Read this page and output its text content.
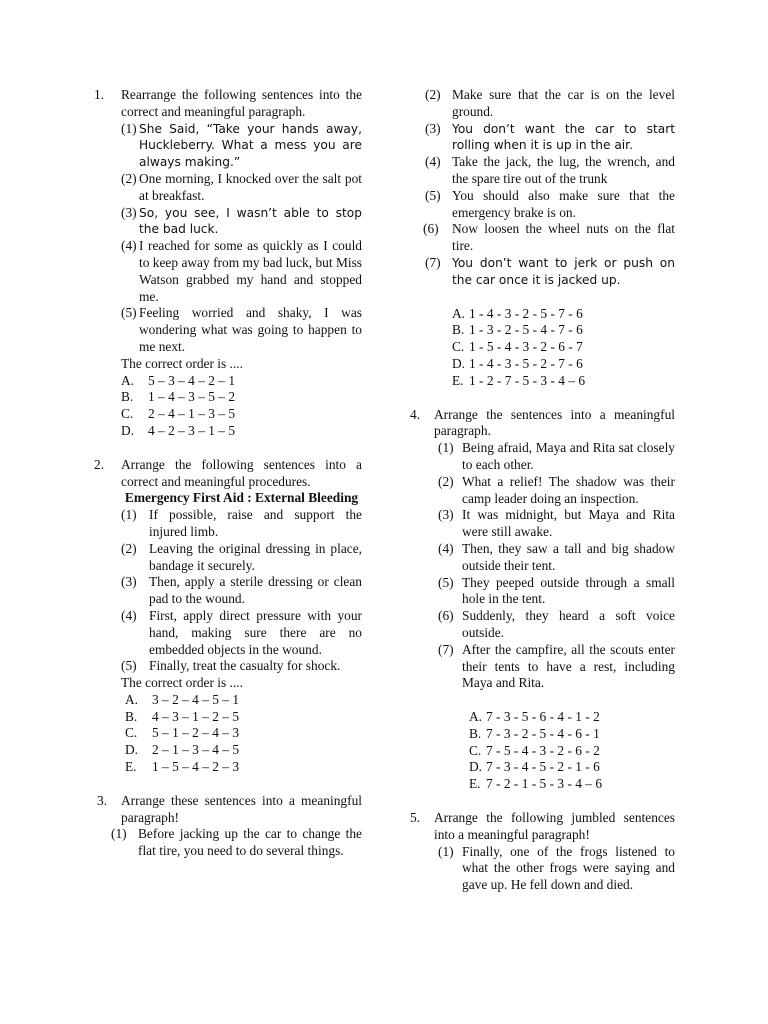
1. Rearrange the following sentences into the correct and meaningful paragraph.
(1) She Said, “Take your hands away, Huckleberry. What a mess you are always making.”
(2) One morning, I knocked over the salt pot at breakfast.
(3) So, you see, I wasn’t able to stop the bad luck.
(4) I reached for some as quickly as I could to keep away from my bad luck, but Miss Watson grabbed my hand and stopped me.
(5) Feeling worried and shaky, I was wondering what was going to happen to me next.
The correct order is ....
A. 5 – 3 – 4 – 2 – 1
B. 1 – 4 – 3 – 5 – 2
C. 2 – 4 – 1 – 3 – 5
D. 4 – 2 – 3 – 1 – 5
2. Arrange the following sentences into a correct and meaningful procedures.
Emergency First Aid : External Bleeding
(1) If possible, raise and support the injured limb.
(2) Leaving the original dressing in place, bandage it securely.
(3) Then, apply a sterile dressing or clean pad to the wound.
(4) First, apply direct pressure with your hand, making sure there are no embedded objects in the wound.
(5) Finally, treat the casualty for shock.
The correct order is ....
A. 3 – 2 – 4 – 5 – 1
B. 4 – 3 – 1 – 2 – 5
C. 5 – 1 – 2 – 4 – 3
D. 2 – 1 – 3 – 4 – 5
E. 1 – 5 – 4 – 2 – 3
3. Arrange these sentences into a meaningful paragraph!
(1) Before jacking up the car to change the flat tire, you need to do several things.
(2) Make sure that the car is on the level ground.
(3) You don’t want the car to start rolling when it is up in the air.
(4) Take the jack, the lug, the wrench, and the spare tire out of the trunk
(5) You should also make sure that the emergency brake is on.
(6) Now loosen the wheel nuts on the flat tire.
(7) You don’t want to jerk or push on the car once it is jacked up.
A. 1 - 4 - 3 - 2 - 5 - 7 - 6
B. 1 - 3 - 2 - 5 - 4 - 7 - 6
C. 1 - 5 - 4 - 3 - 2 - 6 - 7
D. 1 - 4 - 3 - 5 - 2 - 7 - 6
E. 1 - 2 - 7 - 5 - 3 - 4 – 6
4. Arrange the sentences into a meaningful paragraph.
(1) Being afraid, Maya and Rita sat closely to each other.
(2) What a relief! The shadow was their camp leader doing an inspection.
(3) It was midnight, but Maya and Rita were still awake.
(4) Then, they saw a tall and big shadow outside their tent.
(5) They peeped outside through a small hole in the tent.
(6) Suddenly, they heard a soft voice outside.
(7) After the campfire, all the scouts enter their tents to have a rest, including Maya and Rita.
A. 7 - 3 - 5 - 6 - 4 - 1 - 2
B. 7 - 3 - 2 - 5 - 4 - 6 - 1
C. 7 - 5 - 4 - 3 - 2 - 6 - 2
D. 7 - 3 - 4 - 5 - 2 - 1 - 6
E. 7 - 2 - 1 - 5 - 3 - 4 – 6
5. Arrange the following jumbled sentences into a meaningful paragraph!
(1) Finally, one of the frogs listened to what the other frogs were saying and gave up. He fell down and died.
